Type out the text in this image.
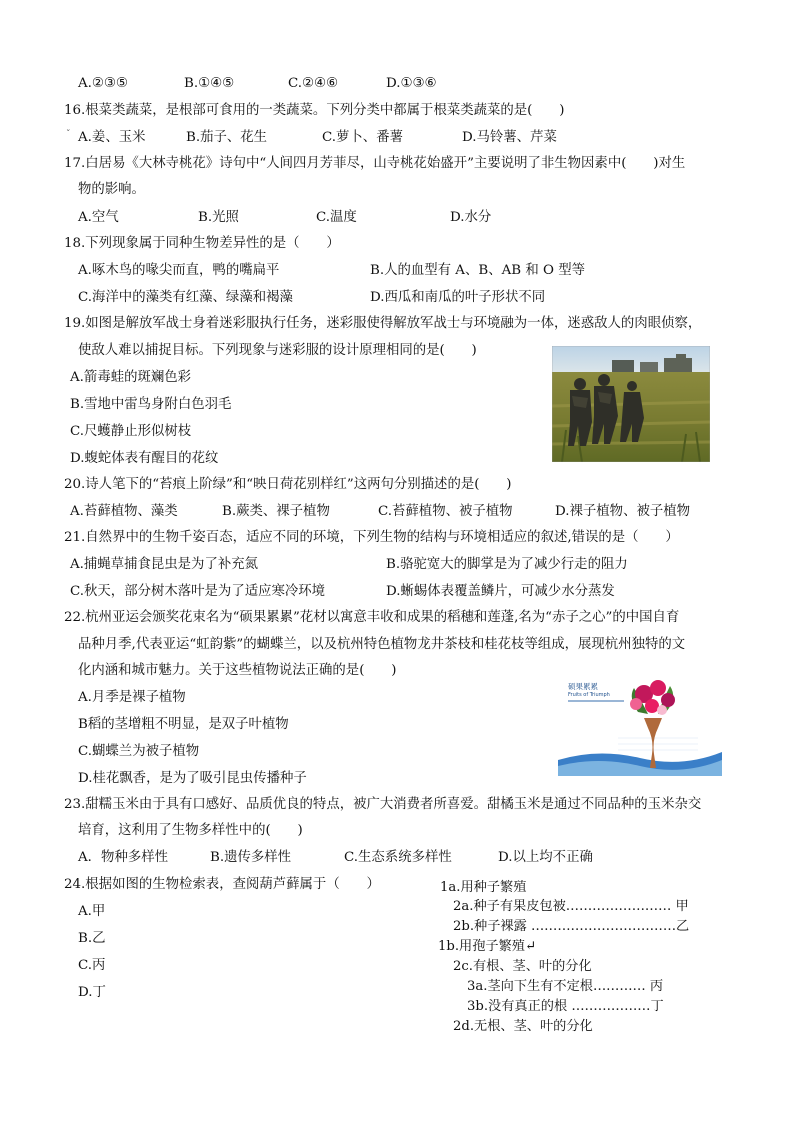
A.②③⑤	B.①④⑤	C.②④⑥	D.①③⑥
16.根菜类蔬菜，是根部可食用的一类蔬菜。下列分类中都属于根菜类蔬菜的是(　　)
ˇ A.姜、玉米	B.茄子、花生	C.萝卜、番薯	D.马铃薯、芹菜
17.白居易《大林寺桃花》诗句中“人间四月芳菲尽，山寺桃花始盛开”主要说明了非生物因素中(　　)对生
物的影响。
A.空气	B.光照	C.温度	D.水分
18.下列现象属于同种生物差异性的是（　　）
A.啄木鸟的喙尖而直，鸭的嘴扁平	B.人的血型有 A、B、AB 和 O 型等
C.海洋中的藻类有红藻、绿藻和褐藻	D.西瓜和南瓜的叶子形状不同
19.如图是解放军战士身着迷彩服执行任务，迷彩服使得解放军战士与环境融为一体，迷惑敌人的肉眼侦察，
使敌人难以捕捉目标。下列现象与迷彩服的设计原理相同的是(　　)
A.箭毒蛙的斑斓色彩
B.雪地中雷鸟身附白色羽毛
C.尺蠖静止形似树枝
D.蝮蛇体表有醒目的花纹
20.诗人笔下的“苔痕上阶绿”和“映日荷花别样红”这两句分别描述的是(　　)
A.苔藓植物、藻类	B.蕨类、裸子植物	C.苔藓植物、被子植物	D.裸子植物、被子植物
21.自然界中的生物千姿百态，适应不同的环境，下列生物的结构与环境相适应的叙述,错误的是（　　）
A.捕蝇草捕食昆虫是为了补充氮	B.骆驼宽大的脚掌是为了减少行走的阻力
C.秋天，部分树木落叶是为了适应寒冷环境	D.蜥蜴体表覆盖鳞片，可减少水分蒸发
22.杭州亚运会颁奖花束名为“硕果累累”花材以寓意丰收和成果的稻穗和莲蓬,名为“赤子之心”的中国自育
品种月季,代表亚运“虹韵紫”的蝴蝶兰，以及杭州特色植物龙井茶枝和桂花枝等组成，展现杭州独特的文
化内涵和城市魅力。关于这些植物说法正确的是(　　)
A.月季是裸子植物
B稻的茎增粗不明显，是双子叶植物
C.蝴蝶兰为被子植物
D.桂花飘香，是为了吸引昆虫传播种子
硕果累累
Fruits of Triumph
23.甜糯玉米由于具有口感好、品质优良的特点，被广大消费者所喜爱。甜橘玉米是通过不同品种的玉米杂交
培育，这利用了生物多样性中的(　　)
A．物种多样性	B.遗传多样性	C.生态系统多样性	D.以上均不正确
24.根据如图的生物检索表，查阅葫芦藓属于（　　）
A.甲
B.乙
C.丙
D.丁
1a.用种子繁殖
2a.种子有果皮包被…………………… 甲
2b.种子裸露 ……………………………乙
1b.用孢子繁殖↵
2c.有根、茎、叶的分化
3a.茎向下生有不定根………… 丙
3b.没有真正的根 ………………丁
2d.无根、茎、叶的分化
